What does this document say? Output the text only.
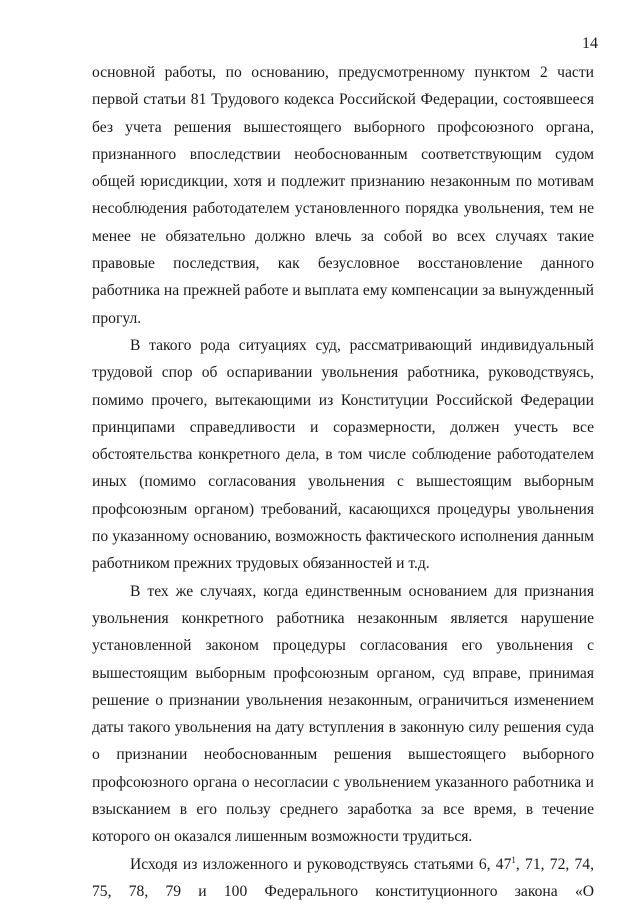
14

основной работы, по основанию, предусмотренному пунктом 2 части первой статьи 81 Трудового кодекса Российской Федерации, состоявшееся без учета решения вышестоящего выборного профсоюзного органа, признанного впоследствии необоснованным соответствующим судом общей юрисдикции, хотя и подлежит признанию незаконным по мотивам несоблюдения работодателем установленного порядка увольнения, тем не менее не обязательно должно влечь за собой во всех случаях такие правовые последствия, как безусловное восстановление данного работника на прежней работе и выплата ему компенсации за вынужденный прогул.

В такого рода ситуациях суд, рассматривающий индивидуальный трудовой спор об оспаривании увольнения работника, руководствуясь, помимо прочего, вытекающими из Конституции Российской Федерации принципами справедливости и соразмерности, должен учесть все обстоятельства конкретного дела, в том числе соблюдение работодателем иных (помимо согласования увольнения с вышестоящим выборным профсоюзным органом) требований, касающихся процедуры увольнения по указанному основанию, возможность фактического исполнения данным работником прежних трудовых обязанностей и т.д.

В тех же случаях, когда единственным основанием для признания увольнения конкретного работника незаконным является нарушение установленной законом процедуры согласования его увольнения с вышестоящим выборным профсоюзным органом, суд вправе, принимая решение о признании увольнения незаконным, ограничиться изменением даты такого увольнения на дату вступления в законную силу решения суда о признании необоснованным решения вышестоящего выборного профсоюзного органа о несогласии с увольнением указанного работника и взысканием в его пользу среднего заработка за все время, в течение которого он оказался лишенным возможности трудиться.

Исходя из изложенного и руководствуясь статьями 6, $47^1$, 71, 72, 74, 75, 78, 79 и 100 Федерального конституционного закона «О
